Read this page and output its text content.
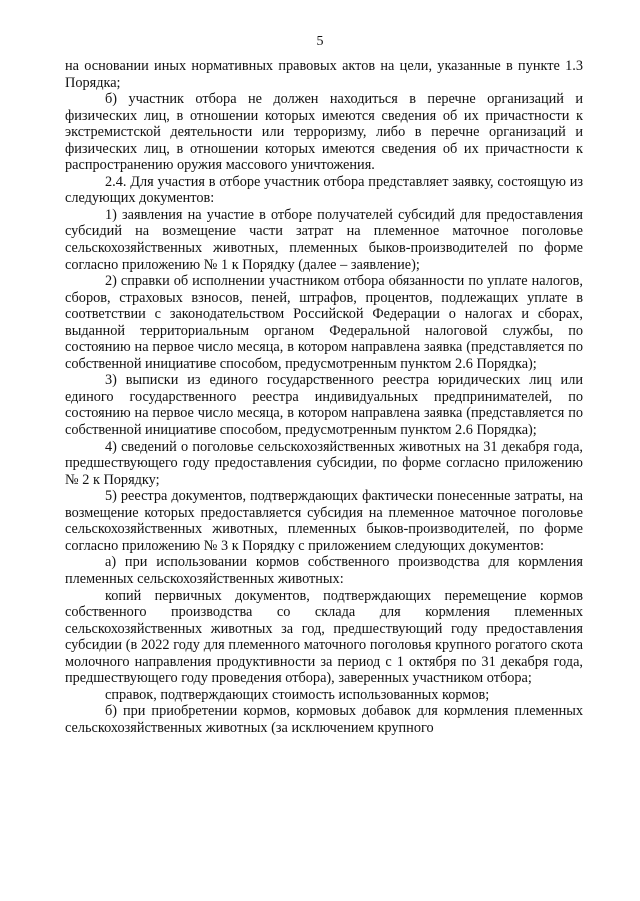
5

на основании иных нормативных правовых актов на цели, указанные в пункте 1.3 Порядка;

б) участник отбора не должен находиться в перечне организаций и физических лиц, в отношении которых имеются сведения об их причастности к экстремистской деятельности или терроризму, либо в перечне организаций и физических лиц, в отношении которых имеются сведения об их причастности к распространению оружия массового уничтожения.

2.4. Для участия в отборе участник отбора представляет заявку, состоящую из следующих документов:

1) заявления на участие в отборе получателей субсидий для предоставления субсидий на возмещение части затрат на племенное маточное поголовье сельскохозяйственных животных, племенных быков-производителей по форме согласно приложению № 1 к Порядку (далее – заявление);

2) справки об исполнении участником отбора обязанности по уплате налогов, сборов, страховых взносов, пеней, штрафов, процентов, подлежащих уплате в соответствии с законодательством Российской Федерации о налогах и сборах, выданной территориальным органом Федеральной налоговой службы, по состоянию на первое число месяца, в котором направлена заявка (представляется по собственной инициативе способом, предусмотренным пунктом 2.6 Порядка);

3) выписки из единого государственного реестра юридических лиц или единого государственного реестра индивидуальных предпринимателей, по состоянию на первое число месяца, в котором направлена заявка (представляется по собственной инициативе способом, предусмотренным пунктом 2.6 Порядка);

4) сведений о поголовье сельскохозяйственных животных на 31 декабря года, предшествующего году предоставления субсидии, по форме согласно приложению № 2 к Порядку;

5) реестра документов, подтверждающих фактически понесенные затраты, на возмещение которых предоставляется субсидия на племенное маточное поголовье сельскохозяйственных животных, племенных быков-производителей, по форме согласно приложению № 3 к Порядку с приложением следующих документов:

а) при использовании кормов собственного производства для кормления племенных сельскохозяйственных животных:

копий первичных документов, подтверждающих перемещение кормов собственного производства со склада для кормления племенных сельскохозяйственных животных за год, предшествующий году предоставления субсидии (в 2022 году для племенного маточного поголовья крупного рогатого скота молочного направления продуктивности за период с 1 октября по 31 декабря года, предшествующего году проведения отбора), заверенных участником отбора;

справок, подтверждающих стоимость использованных кормов;

б) при приобретении кормов, кормовых добавок для кормления племенных сельскохозяйственных животных (за исключением крупного
